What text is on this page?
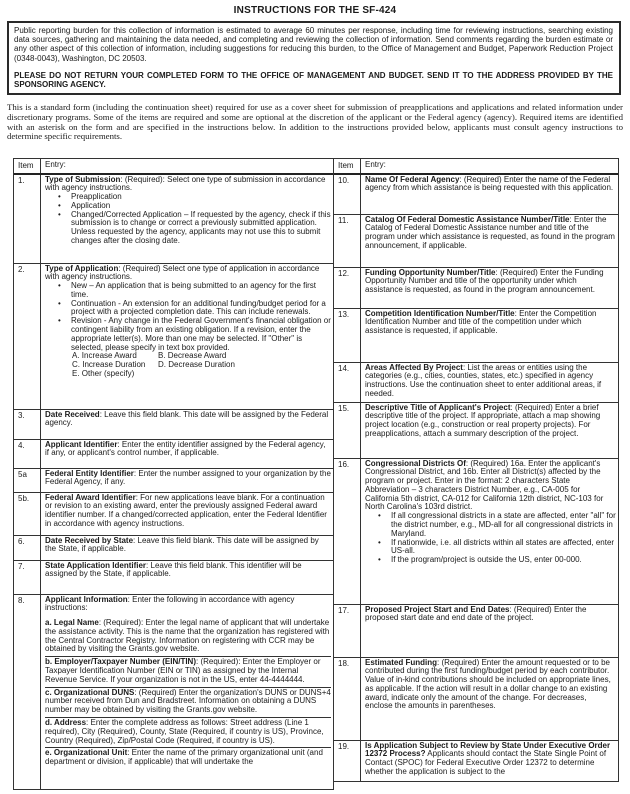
INSTRUCTIONS FOR THE SF-424

Public reporting burden for this collection of information is estimated to average 60 minutes per response, including time for reviewing instructions, searching existing data sources, gathering and maintaining the data needed, and completing and reviewing the collection of information. Send comments regarding the burden estimate or any other aspect of this collection of information, including suggestions for reducing this burden, to the Office of Management and Budget, Paperwork Reduction Project (0348-0043), Washington, DC 20503.

PLEASE DO NOT RETURN YOUR COMPLETED FORM TO THE OFFICE OF MANAGEMENT AND BUDGET. SEND IT TO THE ADDRESS PROVIDED BY THE SPONSORING AGENCY.

This is a standard form (including the continuation sheet) required for use as a cover sheet for submission of preapplications and applications and related information under discretionary programs. Some of the items are required and some are optional at the discretion of the applicant or the Federal agency (agency). Required items are identified with an asterisk on the form and are specified in the instructions below. In addition to the instructions provided below, applicants must consult agency instructions to determine specific requirements.

Item	Entry:
1.	Type of Submission: (Required): Select one type of submission in accordance with agency instructions.

•	Preapplication
•	Application
•	Changed/Corrected Application – If requested by the agency, check if this submission is to change or correct a previously submitted application. Unless requested by the agency, applicants may not use this to submit changes after the closing date.
2.	Type of Application: (Required) Select one type of application in accordance with agency instructions.

•	New – An application that is being submitted to an agency for the first time.
•	Continuation - An extension for an additional funding/budget period for a project with a projected completion date. This can include renewals.
•	Revision - Any change in the Federal Government's financial obligation or contingent liability from an existing obligation. If a revision, enter the appropriate letter(s). More than one may be selected. If "Other" is selected, please specify in text box provided.
A. Increase Award	B. Decrease Award
C. Increase Duration D. Decrease Duration
E. Other (specify)
3.	Date Received: Leave this field blank. This date will be assigned by the Federal agency.

4.	Applicant Identifier: Enter the entity identifier assigned by the Federal agency, if any, or applicant's control number, if applicable.

5a	Federal Entity Identifier: Enter the number assigned to your organization by the Federal Agency, if any.

5b.	Federal Award Identifier: For new applications leave blank. For a continuation or revision to an existing award, enter the previously assigned Federal award identifier number. If a changed/corrected application, enter the Federal Identifier in accordance with agency instructions.

6.	Date Received by State: Leave this field blank. This date will be assigned by the State, if applicable.

7.	State Application Identifier: Leave this field blank. This identifier will be assigned by the State, if applicable.

8.	Applicant Information: Enter the following in accordance with agency instructions:

a. Legal Name: (Required): Enter the legal name of applicant that will undertake the assistance activity. This is the name that the organization has registered with the Central Contractor Registry. Information on registering with CCR may be obtained by visiting the Grants.gov website.
b. Employer/Taxpayer Number (EIN/TIN): (Required): Enter the Employer or Taxpayer Identification Number (EIN or TIN) as assigned by the Internal Revenue Service. If your organization is not in the US, enter 44-4444444.
c. Organizational DUNS: (Required) Enter the organization's DUNS or DUNS+4 number received from Dun and Bradstreet. Information on obtaining a DUNS number may be obtained by visiting the Grants.gov website.
d. Address: Enter the complete address as follows: Street address (Line 1 required), City (Required), County, State (Required, if country is US), Province, Country (Required), Zip/Postal Code (Required, if country is US).
e. Organizational Unit: Enter the name of the primary organizational unit (and department or division, if applicable) that will undertake the
Item	Entry:
10.	Name Of Federal Agency: (Required) Enter the name of the Federal agency from which assistance is being requested with this application.

11.	Catalog Of Federal Domestic Assistance Number/Title: Enter the Catalog of Federal Domestic Assistance number and title of the program under which assistance is requested, as found in the program announcement, if applicable.

12.	Funding Opportunity Number/Title: (Required) Enter the Funding Opportunity Number and title of the opportunity under which assistance is requested, as found in the program announcement.

13.	Competition Identification Number/Title: Enter the Competition Identification Number and title of the competition under which assistance is requested, if applicable.

14.	Areas Affected By Project: List the areas or entities using the categories (e.g., cities, counties, states, etc.) specified in agency instructions. Use the continuation sheet to enter additional areas, if needed.

15.	Descriptive Title of Applicant's Project: (Required) Enter a brief descriptive title of the project. If appropriate, attach a map showing project location (e.g., construction or real property projects). For preapplications, attach a summary description of the project.

16.	Congressional Districts Of: (Required) 16a. Enter the applicant's Congressional District, and 16b. Enter all District(s) affected by the program or project. Enter in the format: 2 characters State Abbreviation – 3 characters District Number, e.g., CA-005 for California 5th district, CA-012 for California 12th district, NC-103 for North Carolina's 103rd district.

•	If all congressional districts in a state are affected, enter "all" for the district number, e.g., MD-all for all congressional districts in Maryland.
•	If nationwide, i.e. all districts within all states are affected, enter US-all.
•	If the program/project is outside the US, enter 00-000.
17.	Proposed Project Start and End Dates: (Required) Enter the proposed start date and end date of the project.

18.	Estimated Funding: (Required) Enter the amount requested or to be contributed during the first funding/budget period by each contributor. Value of in-kind contributions should be included on appropriate lines, as applicable. If the action will result in a dollar change to an existing award, indicate only the amount of the change. For decreases, enclose the amounts in parentheses.

19.	Is Application Subject to Review by State Under Executive Order 12372 Process? Applicants should contact the State Single Point of Contact (SPOC) for Federal Executive Order 12372 to determine whether the application is subject to the
